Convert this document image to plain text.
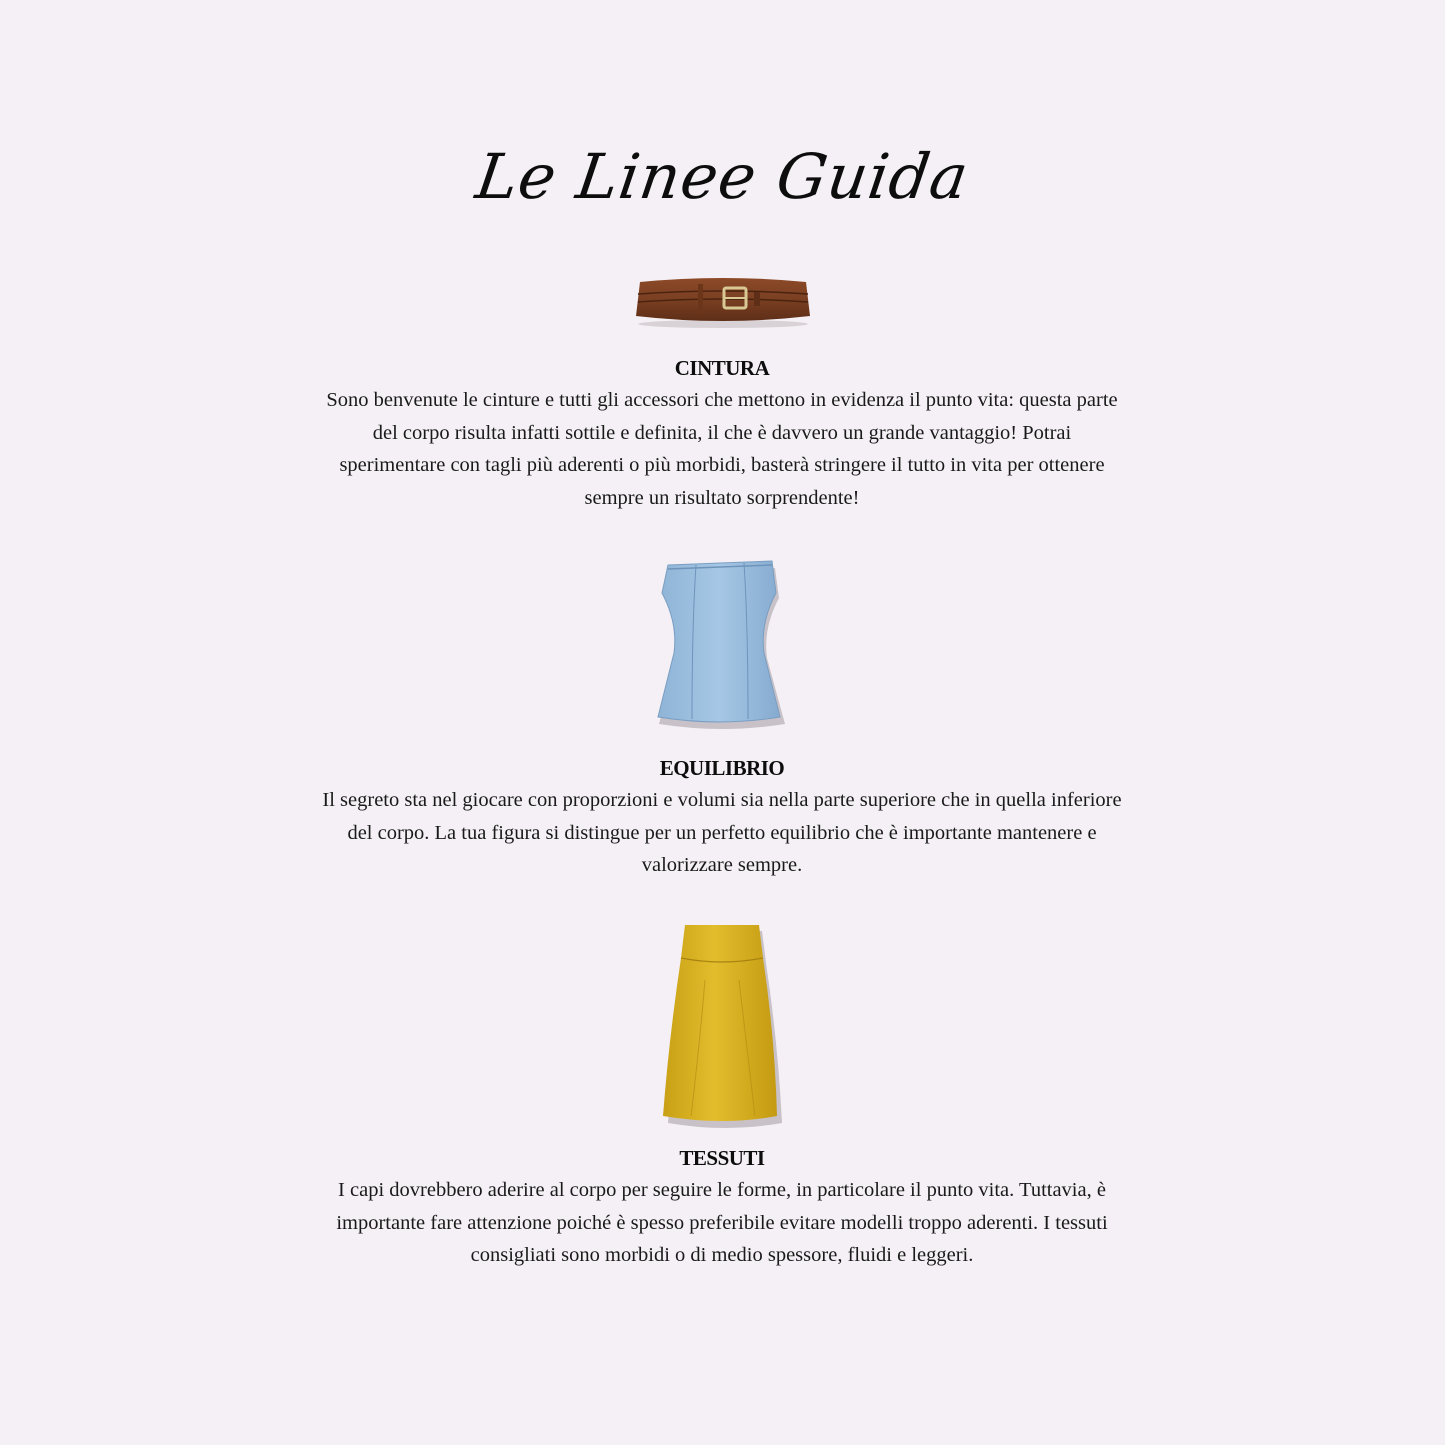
Le Linee Guida
CINTURA

Sono benvenute le cinture e tutti gli accessori che mettono in evidenza il punto vita: questa parte del corpo risulta infatti sottile e definita, il che è davvero un grande vantaggio! Potrai sperimentare con tagli più aderenti o più morbidi, basterà stringere il tutto in vita per ottenere sempre un risultato sorprendente!

EQUILIBRIO

Il segreto sta nel giocare con proporzioni e volumi sia nella parte superiore che in quella inferiore del corpo. La tua figura si distingue per un perfetto equilibrio che è importante mantenere e valorizzare sempre.

TESSUTI

I capi dovrebbero aderire al corpo per seguire le forme, in particolare il punto vita. Tuttavia, è importante fare attenzione poiché è spesso preferibile evitare modelli troppo aderenti. I tessuti consigliati sono morbidi o di medio spessore, fluidi e leggeri.
